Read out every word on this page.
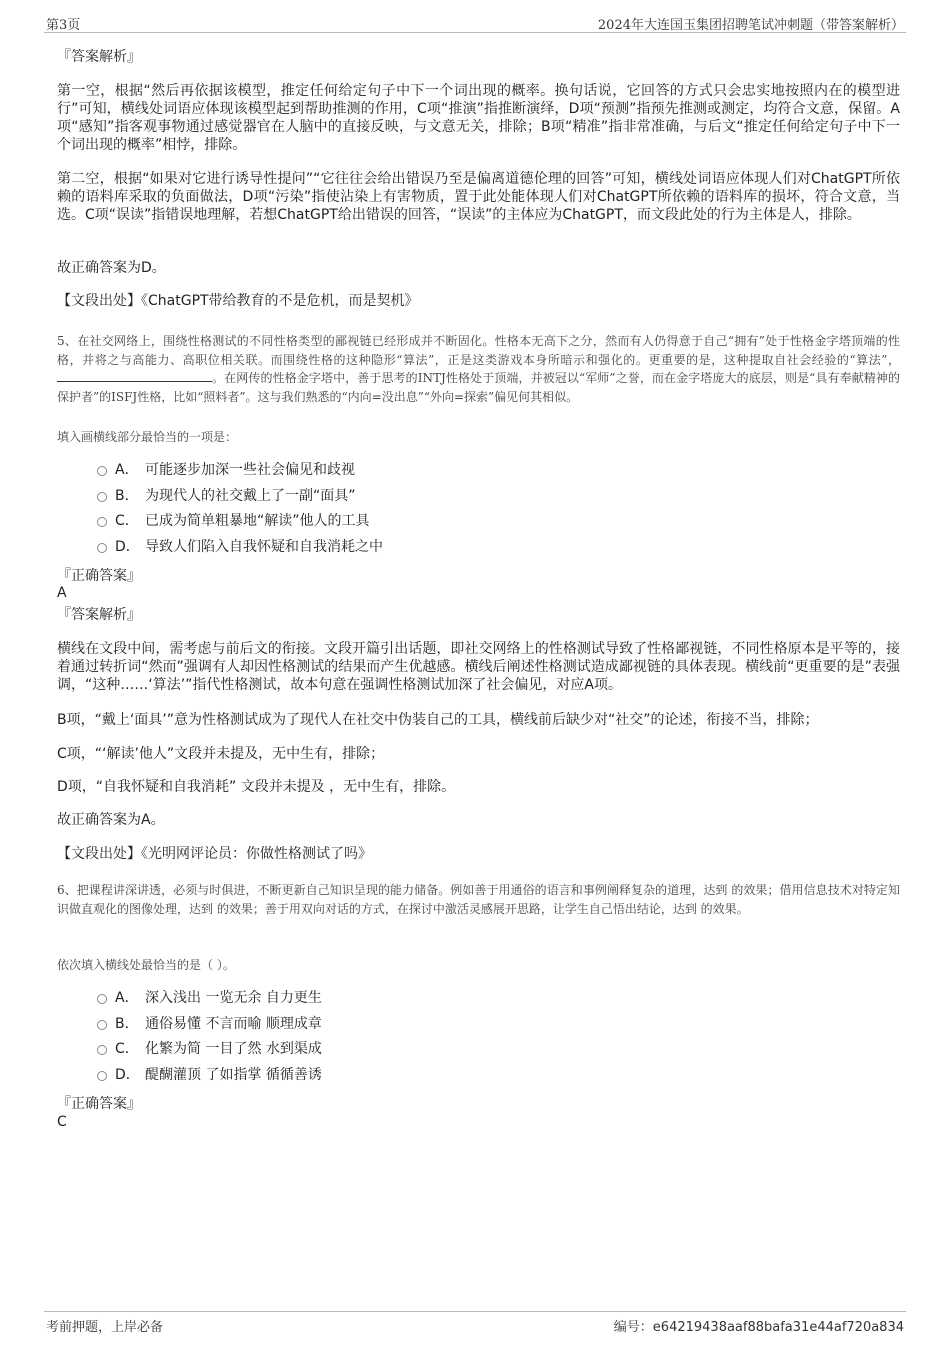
第3页	2024年大连国玉集团招聘笔试冲刺题（带答案解析）
『答案解析』
第一空，根据“然后再依据该模型，推定任何给定句子中下一个词出现的概率。换句话说，它回答的方式只会忠实地按照内在的模型进行”可知，横线处词语应体现该模型起到帮助推测的作用，C项“推演”指推断演绎，D项“预测”指预先推测或测定，均符合文意，保留。A项“感知”指客观事物通过感觉器官在人脑中的直接反映，与文意无关，排除；B项“精准”指非常准确，与后文“推定任何给定句子中下一个词出现的概率”相悖，排除。
第二空，根据“如果对它进行诱导性提问”“它往往会给出错误乃至是偏离道德伦理的回答”可知，横线处词语应体现人们对ChatGPT所依赖的语料库采取的负面做法，D项“污染”指使沾染上有害物质，置于此处能体现人们对ChatGPT所依赖的语料库的损坏，符合文意，当选。C项“误读”指错误地理解，若想ChatGPT给出错误的回答，“误读”的主体应为ChatGPT，而文段此处的行为主体是人，排除。
故正确答案为D。
【文段出处】《ChatGPT带给教育的不是危机，而是契机》
5、在社交网络上，围绕性格测试的不同性格类型的鄙视链已经形成并不断固化。性格本无高下之分，然而有人仍得意于自己“拥有”处于性格金字塔顶端的性格，并将之与高能力、高职位相关联。而围绕性格的这种隐形“算法”，正是这类游戏本身所暗示和强化的。更重要的是，这种提取自社会经验的“算法”，。在网传的性格金字塔中，善于思考的INTJ性格处于顶端，并被冠以“军师”之誉，而在金字塔庞大的底层，则是“具有奉献精神的保护者”的ISFJ性格，比如“照料者”。这与我们熟悉的“内向=没出息”“外向=探索”偏见何其相似。
填入画横线部分最恰当的一项是：
A． 可能逐步加深一些社会偏见和歧视
B． 为现代人的社交戴上了一副“面具”
C． 已成为简单粗暴地“解读”他人的工具
D． 导致人们陷入自我怀疑和自我消耗之中
『正确答案』
A
『答案解析』
横线在文段中间，需考虑与前后文的衔接。文段开篇引出话题，即社交网络上的性格测试导致了性格鄙视链，不同性格原本是平等的，接着通过转折词“然而”强调有人却因性格测试的结果而产生优越感。横线后阐述性格测试造成鄙视链的具体表现。横线前“更重要的是”表强调，“这种……‘算法’”指代性格测试，故本句意在强调性格测试加深了社会偏见，对应A项。
B项，“戴上‘面具’”意为性格测试成为了现代人在社交中伪装自己的工具，横线前后缺少对“社交”的论述，衔接不当，排除；
C项，“‘解读’他人”文段并未提及，无中生有，排除；
D项，“自我怀疑和自我消耗” 文段并未提及 ，无中生有，排除。
故正确答案为A。
【文段出处】《光明网评论员：你做性格测试了吗》
6、把课程讲深讲透，必须与时俱进，不断更新自己知识呈现的能力储备。例如善于用通俗的语言和事例阐释复杂的道理，达到 的效果；借用信息技术对特定知识做直观化的图像处理，达到 的效果；善于用双向对话的方式，在探讨中激活灵感展开思路，让学生自己悟出结论，达到 的效果。
依次填入横线处最恰当的是（ ）。
A． 深入浅出 一览无余 自力更生
B． 通俗易懂 不言而喻 顺理成章
C． 化繁为简 一目了然 水到渠成
D． 醍醐灌顶 了如指掌 循循善诱
『正确答案』
C
考前押题，上岸必备	编号：e64219438aaf88bafa31e44af720a834
